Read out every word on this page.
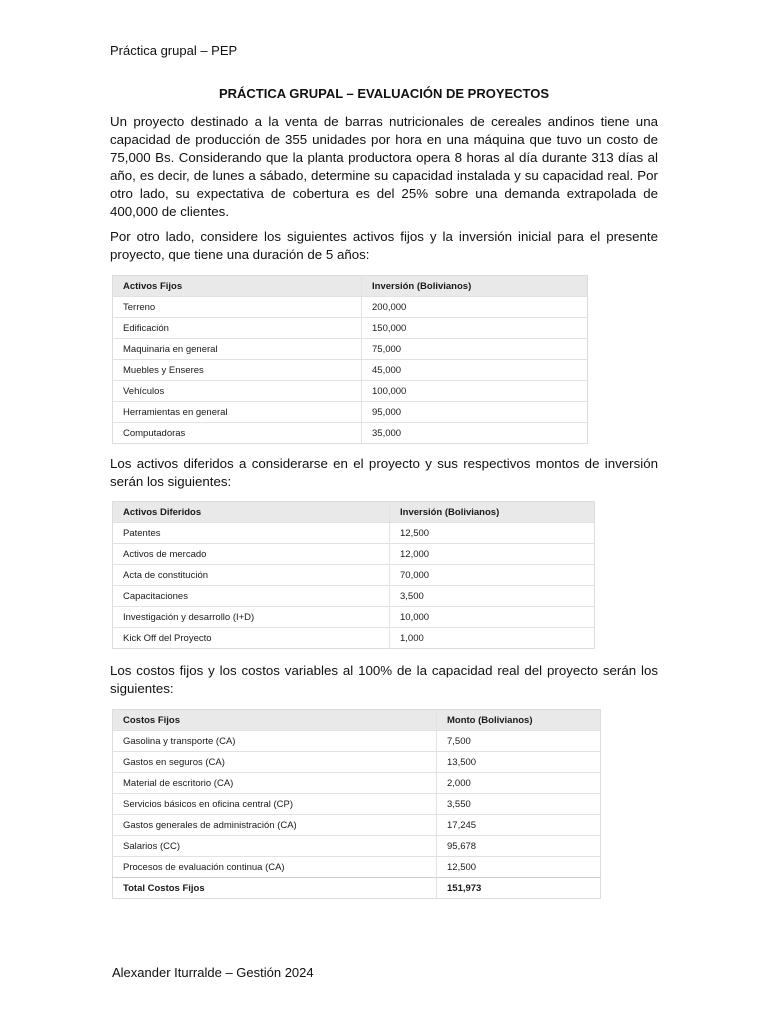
Práctica grupal – PEP
PRÁCTICA GRUPAL – EVALUACIÓN DE PROYECTOS

Un proyecto destinado a la venta de barras nutricionales de cereales andinos tiene una capacidad de producción de 355 unidades por hora en una máquina que tuvo un costo de 75,000 Bs. Considerando que la planta productora opera 8 horas al día durante 313 días al año, es decir, de lunes a sábado, determine su capacidad instalada y su capacidad real. Por otro lado, su expectativa de cobertura es del 25% sobre una demanda extrapolada de 400,000 de clientes.

Por otro lado, considere los siguientes activos fijos y la inversión inicial para el presente proyecto, que tiene una duración de 5 años:

Activos Fijos	Inversión (Bolivianos)
Terreno	200,000
Edificación	150,000
Maquinaria en general	75,000
Muebles y Enseres	45,000
Vehículos	100,000
Herramientas en general	95,000
Computadoras	35,000

Los activos diferidos a considerarse en el proyecto y sus respectivos montos de inversión serán los siguientes:

Activos Diferidos	Inversión (Bolivianos)
Patentes	12,500
Activos de mercado	12,000
Acta de constitución	70,000
Capacitaciones	3,500
Investigación y desarrollo (I+D)	10,000
Kick Off del Proyecto	1,000

Los costos fijos y los costos variables al 100% de la capacidad real del proyecto serán los siguientes:

Costos Fijos	Monto (Bolivianos)
Gasolina y transporte (CA)	7,500
Gastos en seguros (CA)	13,500
Material de escritorio (CA)	2,000
Servicios básicos en oficina central (CP)	3,550
Gastos generales de administración (CA)	17,245
Salarios (CC)	95,678
Procesos de evaluación continua (CA)	12,500
Total Costos Fijos	151,973
Alexander Iturralde – Gestión 2024
